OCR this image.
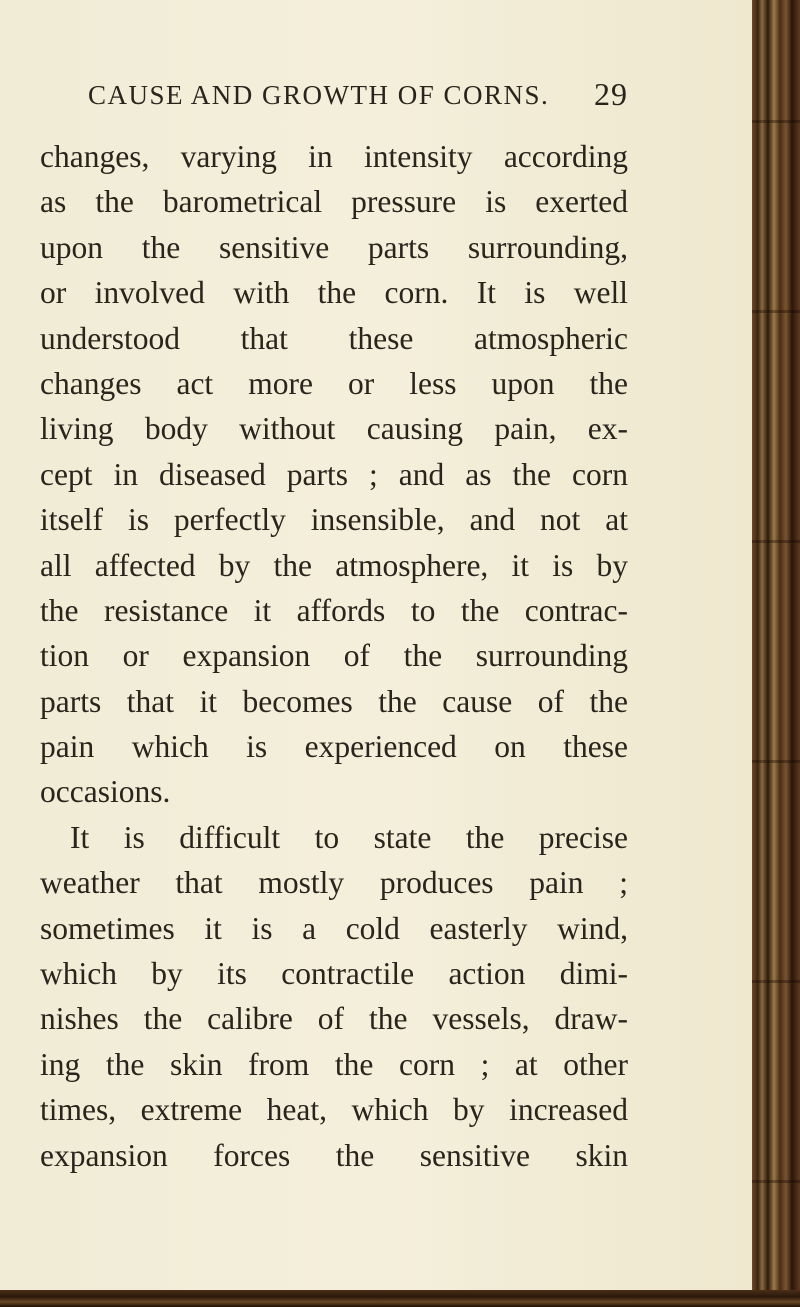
CAUSE AND GROWTH OF CORNS. 29
changes, varying in intensity according
as the barometrical pressure is exerted
upon the sensitive parts surrounding,
or involved with the corn. It is well
understood that these atmospheric
changes act more or less upon the
living body without causing pain, ex-
cept in diseased parts ; and as the corn
itself is perfectly insensible, and not at
all affected by the atmosphere, it is by
the resistance it affords to the contrac-
tion or expansion of the surrounding
parts that it becomes the cause of the
pain which is experienced on these
occasions.
It is difficult to state the precise
weather that mostly produces pain ;
sometimes it is a cold easterly wind,
which by its contractile action dimi-
nishes the calibre of the vessels, draw-
ing the skin from the corn ; at other
times, extreme heat, which by increased
expansion forces the sensitive skin
